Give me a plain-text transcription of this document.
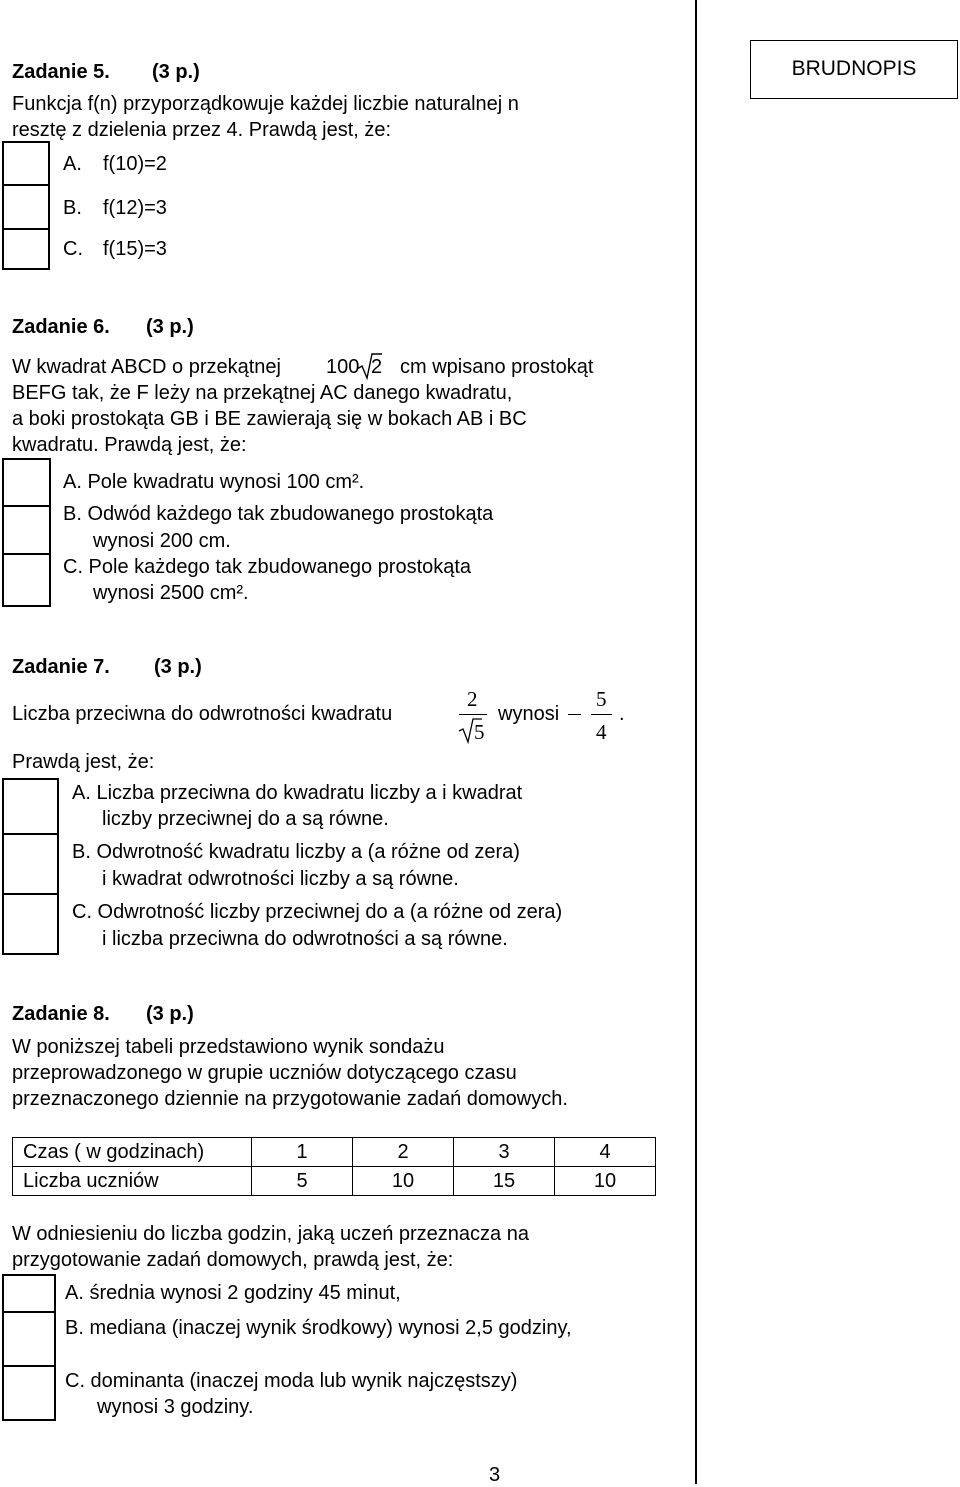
BRUDNOPIS
Zadanie 5. (3 p.)
Funkcja f(n) przyporządkowuje każdej liczbie naturalnej n
resztę z dzielenia przez 4. Prawdą jest, że:
A. f(10)=2
B. f(12)=3
C. f(15)=3
Zadanie 6. (3 p.)
W kwadrat ABCD o przekątnej 100 2 cm wpisano prostokąt
BEFG tak, że F leży na przekątnej AC danego kwadratu,
a boki prostokąta GB i BE zawierają się w bokach AB i BC
kwadratu. Prawdą jest, że:
A. Pole kwadratu wynosi 100 cm².
B. Odwód każdego tak zbudowanego prostokąta
wynosi 200 cm.
C. Pole każdego tak zbudowanego prostokąta
wynosi 2500 cm².
Zadanie 7. (3 p.)
Liczba przeciwna do odwrotności kwadratu
2
5
wynosi
5
4
.
Prawdą jest, że:
A. Liczba przeciwna do kwadratu liczby a i kwadrat
liczby przeciwnej do a są równe.
B. Odwrotność kwadratu liczby a (a różne od zera)
i kwadrat odwrotności liczby a są równe.
C. Odwrotność liczby przeciwnej do a (a różne od zera)
i liczba przeciwna do odwrotności a są równe.
Zadanie 8. (3 p.)
W poniższej tabeli przedstawiono wynik sondażu
przeprowadzonego w grupie uczniów dotyczącego czasu
przeznaczonego dziennie na przygotowanie zadań domowych.
Czas ( w godzinach)	1	2	3	4
Liczba uczniów	5	10	15	10
W odniesieniu do liczba godzin, jaką uczeń przeznacza na
przygotowanie zadań domowych, prawdą jest, że:
A. średnia wynosi 2 godziny 45 minut,
B. mediana (inaczej wynik środkowy) wynosi 2,5 godziny,
C. dominanta (inaczej moda lub wynik najczęstszy)
wynosi 3 godziny.
3
